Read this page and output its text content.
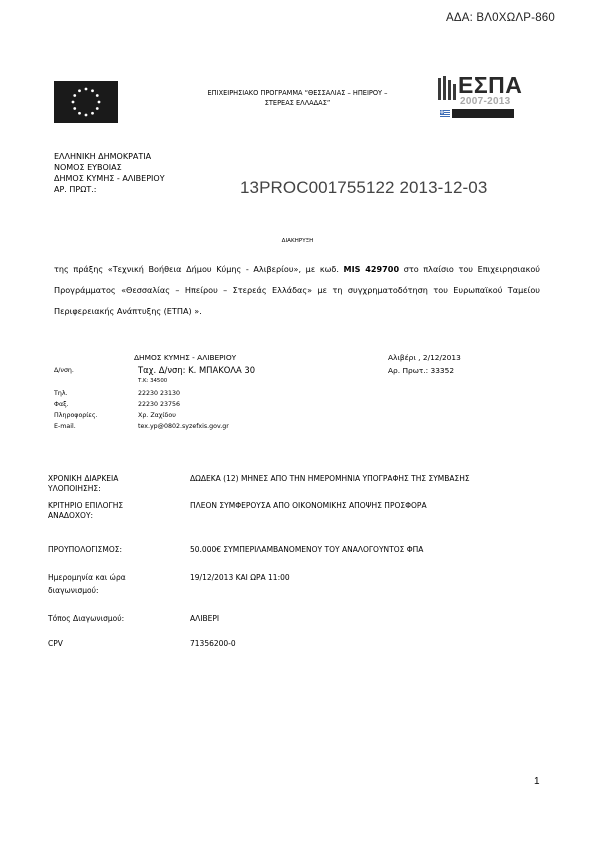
ΑΔΑ: ΒΛ0ΧΩΛΡ-860
ΕΠΙΧΕΙΡΗΣΙΑΚΟ ΠΡΟΓΡΑΜΜΑ “ΘΕΣΣΑΛΙΑΣ – ΗΠΕΙΡΟΥ –
ΣΤΕΡΕΑΣ ΕΛΛΑΔΑΣ”
ΕΣΠΑ
2007-2013
ΕΛΛΗΝΙΚΗ ΔΗΜΟΚΡΑΤΙΑ
ΝΟΜΟΣ ΕΥΒΟΙΑΣ
ΔΗΜΟΣ ΚΥΜΗΣ - ΑΛΙΒΕΡΙΟΥ
ΑΡ. ΠΡΩΤ.:	13PROC001755122 2013-12-03
ΔΙΑΚΗΡΥΞΗ
της πράξης «Τεχνική Βοήθεια Δήμου Κύμης - Αλιβερίου», με κωδ. MIS 429700 στο πλαίσιο του Επιχειρησιακού Προγράμματος «Θεσσαλίας – Ηπείρου – Στερεάς Ελλάδας» με τη συγχρηματοδότηση του Ευρωπαϊκού Ταμείου Περιφερειακής Ανάπτυξης (ΕΤΠΑ) ».
ΔΗΜΟΣ ΚΥΜΗΣ - ΑΛΙΒΕΡΙΟΥ
Δ/νση.	Ταχ. Δ/νση: Κ. ΜΠΑΚΟΛΑ 30
Τ.Κ: 34500
Τηλ.	22230 23130
Φαξ.	22230 23756
Πληροφορίες.	Χρ. Ζαχίδου
E-mail.	tex.yp@0802.syzefxis.gov.gr
Αλιβέρι , 2/12/2013
Αρ. Πρωτ.: 33352
ΧΡΟΝΙΚΗ ΔΙΑΡΚΕΙΑ
ΥΛΟΠΟΙΗΣΗΣ:
ΔΩΔΕΚΑ (12) ΜΗΝΕΣ ΑΠΟ ΤΗΝ ΗΜΕΡΟΜΗΝΙΑ ΥΠΟΓΡΑΦΗΣ ΤΗΣ ΣΥΜΒΑΣΗΣ
ΚΡΙΤΗΡΙΟ ΕΠΙΛΟΓΗΣ
ΑΝΑΔΟΧΟΥ:
ΠΛΕΟΝ ΣΥΜΦΕΡΟΥΣΑ ΑΠΟ ΟΙΚΟΝΟΜΙΚΗΣ ΑΠΟΨΗΣ ΠΡΟΣΦΟΡΑ
ΠΡΟΥΠΟΛΟΓΙΣΜΟΣ:	50.000€ ΣΥΜΠΕΡΙΛΑΜΒΑΝΟΜΕΝΟΥ ΤΟΥ ΑΝΑΛΟΓΟΥΝΤΟΣ ΦΠΑ
Ημερομηνία και ώρα
διαγωνισμού:
19/12/2013 ΚΑΙ ΩΡΑ 11:00
Τόπος Διαγωνισμού:	ΑΛΙΒΕΡΙ
CPV	71356200-0
1
